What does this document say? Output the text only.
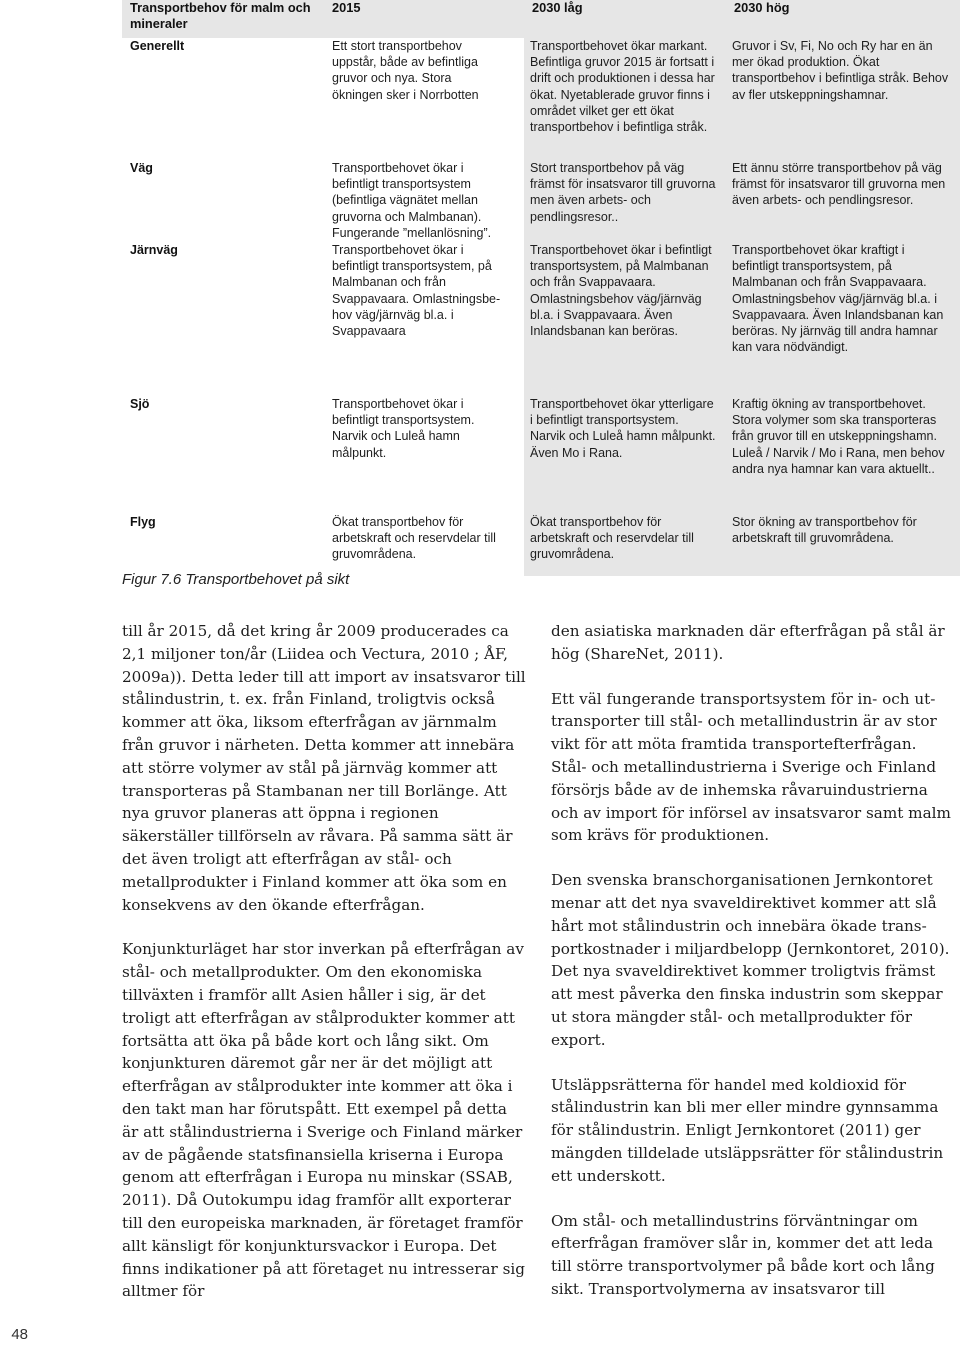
Transportbehov för malm och mineraler	2015	2030 låg	2030 hög
Generellt	Ett stort transportbehov uppstår, både av befintliga gruvor och nya. Stora ökningen sker i Norrbotten	Transportbehovet ökar markant. Befintliga gruvor 2015 är fortsatt i drift och produktionen i dessa har ökat. Nyetablerade gruvor finns i området vilket ger ett ökat transportbehov i befintliga stråk.	Gruvor i Sv, Fi, No och Ry har en än mer ökad produktion. Ökat transportbehov i befintliga stråk. Behov av fler utskeppningshamnar.
Väg	Transportbehovet ökar i befintligt transportsystem (befintliga vägnätet mellan gruvorna och Malmbanan). Fungerande ”mellanlösning”.	Stort transportbehov på väg främst för insatsvaror till gruvorna men även arbets- och pendlingsresor..	Ett ännu större transportbehov på väg främst för insatsvaror till gruvorna men även arbets- och pendlingsresor.
Järnväg	Transportbehovet ökar i befintligt transportsystem, på Malmbanan och från Svappavaara. Omlastningsbehov väg/järnväg bl.a. i Svappavaara	Transportbehovet ökar i befintligt transportsystem, på Malmbanan och från Svappavaara. Omlastningsbehov väg/järnväg bl.a. i Svappavaara. Även Inlandsbanan kan beröras.	Transportbehovet ökar kraftigt i befintligt transportsystem, på Malmbanan och från Svappavaara. Omlastningsbehov väg/järnväg bl.a. i Svappavaara. Även Inlandsbanan kan beröras. Ny järnväg till andra hamnar kan vara nödvändigt.
Sjö	Transportbehovet ökar i befintligt transportsystem. Narvik och Luleå hamn målpunkt.	Transportbehovet ökar ytterligare i befintligt transportsystem. Narvik och Luleå hamn målpunkt. Även Mo i Rana.	Kraftig ökning av transportbehovet. Stora volymer som ska transporteras från gruvor till en utskeppningshamn. Luleå / Narvik / Mo i Rana, men behov andra nya hamnar kan vara aktuellt..
Flyg	Ökat transportbehov för arbetskraft och reservdelar till gruvområdena.	Ökat transportbehov för arbetskraft och reservdelar till gruvområdena.	Stor ökning av transportbehov för arbetskraft till gruvområdena.
Figur 7.6 Transportbehovet på sikt

till år 2015, då det kring år 2009 producerades ca 2,1 miljoner ton/år (Liidea och Vectura, 2010 ; ÅF, 2009a)). Detta leder till att import av insatsvaror till stålindustrin, t. ex. från Finland, troligtvis också kommer att öka, liksom efterfrågan av järnmalm från gruvor i närheten. Detta kommer att innebära att större volymer av stål på järnväg kommer att transporteras på Stambanan ner till Borlänge. Att nya gruvor planeras att öppna i regionen säkerställer tillförseln av råvara. På samma sätt är det även troligt att efterfrågan av stål- och metallprodukter i Finland kommer att öka som en konsekvens av den ökande efterfrågan.

Konjunkturläget har stor inverkan på efterfrågan av stål- och metallprodukter. Om den ekonomiska tillväxten i framför allt Asien håller i sig, är det troligt att efterfrågan av stålprodukter kommer att fortsätta att öka på både kort och lång sikt. Om konjunkturen däremot går ner är det möjligt att efterfrågan av stålprodukter inte kommer att öka i den takt man har förutspått. Ett exempel på detta är att stålindustrierna i Sverige och Finland märker av de pågående statsfinansiella kriserna i Europa genom att efterfrågan i Europa nu minskar (SSAB, 2011). Då Outokumpu idag framför allt exporterar till den europeiska marknaden, är företaget framför allt känsligt för konjunktursvackor i Europa. Det finns indikationer på att företaget nu intresserar sig alltmer för

den asiatiska marknaden där efterfrågan på stål är hög (ShareNet, 2011).

Ett väl fungerande transportsystem för in- och uttransporter till stål- och metallindustrin är av stor vikt för att möta framtida transportefterfrågan. Stål- och metallindustrierna i Sverige och Finland försörjs både av de inhemska råvaruindustrierna och av import för införsel av insatsvaror samt malm som krävs för produktionen.

Den svenska branschorganisationen Jernkontoret menar att det nya svaveldirektivet kommer att slå hårt mot stålindustrin och innebära ökade transportkostnader i miljardbelopp (Jernkontoret, 2010). Det nya svaveldirektivet kommer troligtvis främst att mest påverka den finska industrin som skeppar ut stora mängder stål- och metallprodukter för export.

Utsläppsrätterna för handel med koldioxid för stålindustrin kan bli mer eller mindre gynnsamma för stålindustrin. Enligt Jernkontoret (2011) ger mängden tilldelade utsläppsrätter för stålindustrin ett underskott.

Om stål- och metallindustrins förväntningar om efterfrågan framöver slår in, kommer det att leda till större transportvolymer på både kort och lång sikt. Transportvolymerna av insatsvaror till

48
